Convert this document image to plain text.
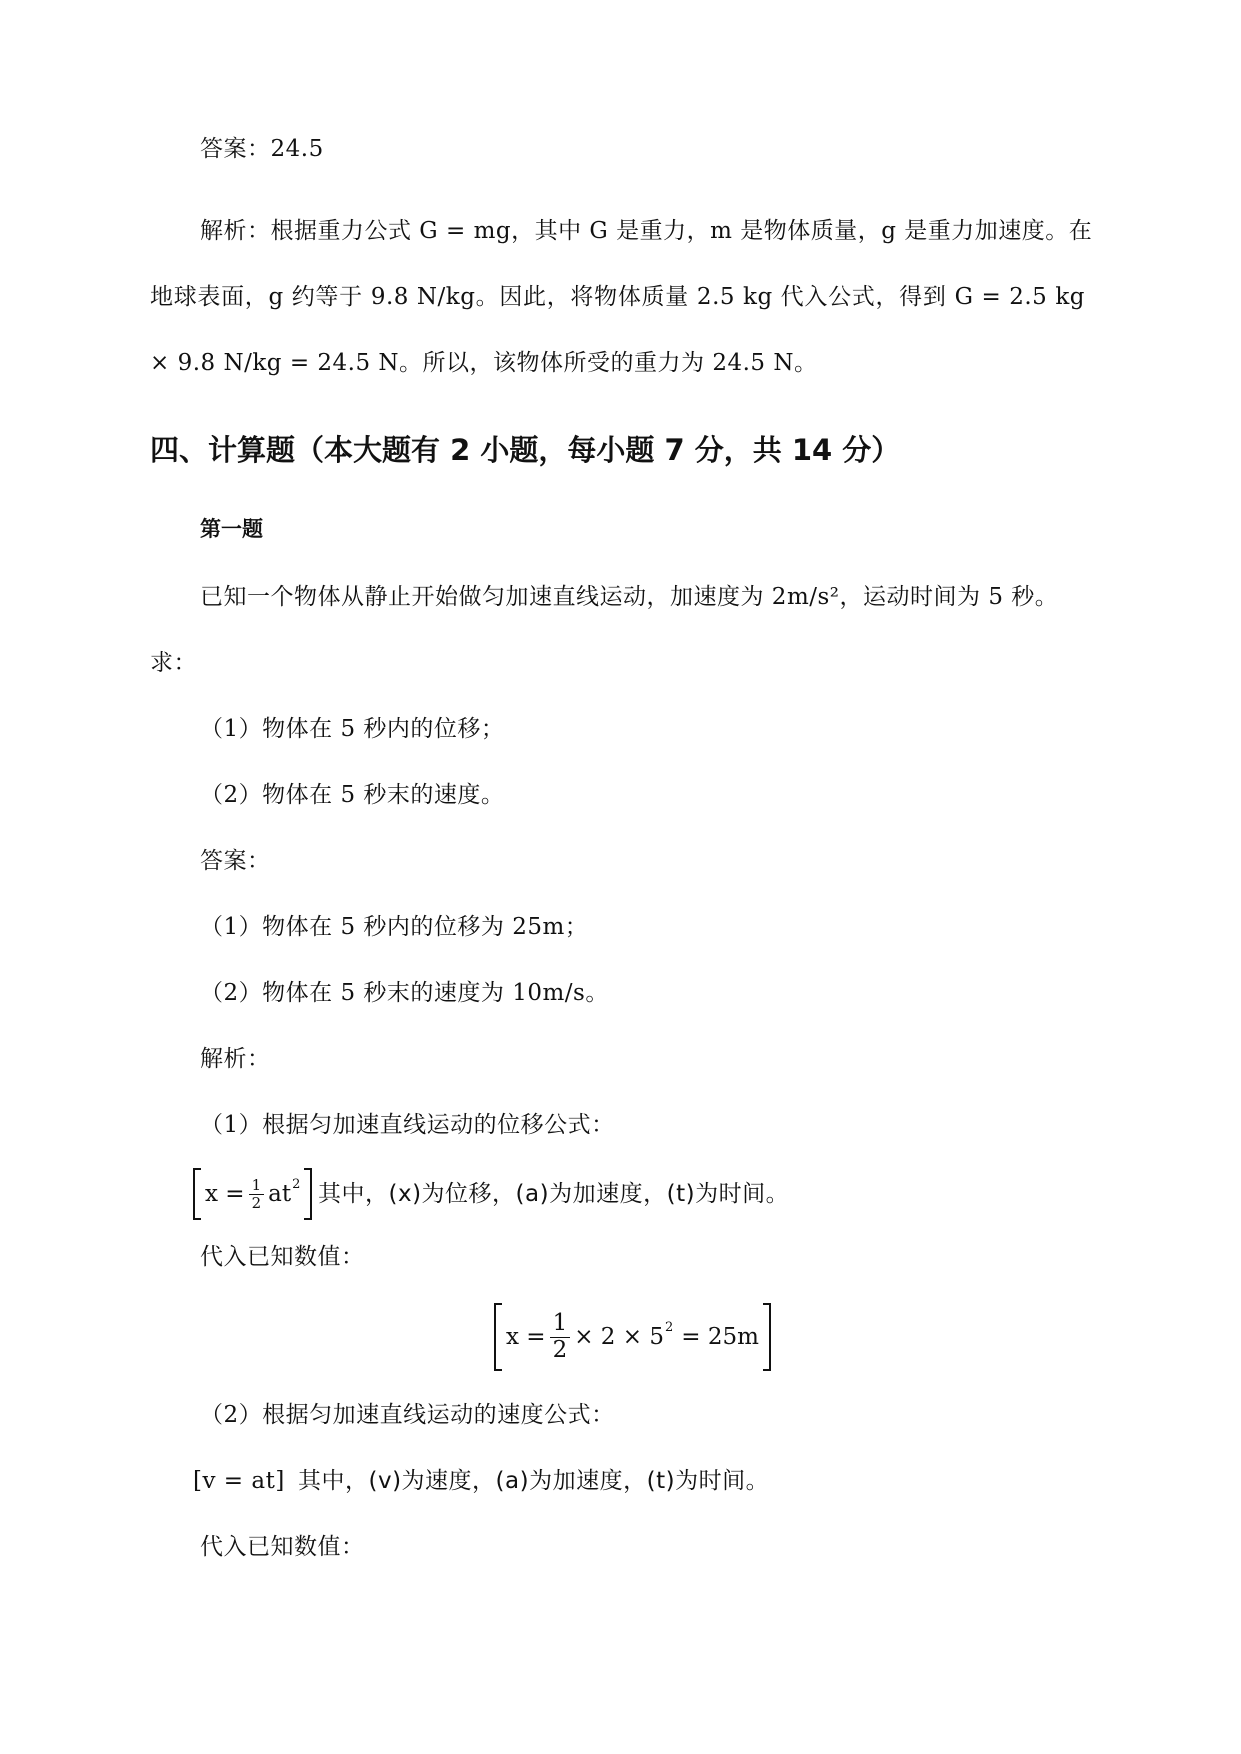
答案：24.5
解析：根据重力公式 G = mg，其中 G 是重力，m 是物体质量，g 是重力加速度。在
地球表面，g 约等于 9.8 N/kg。因此，将物体质量 2.5 kg 代入公式，得到 G = 2.5 kg
× 9.8 N/kg = 24.5 N。所以，该物体所受的重力为 24.5 N。
四、计算题（本大题有 2 小题，每小题 7 分，共 14 分）
第一题
已知一个物体从静止开始做匀加速直线运动，加速度为 2m/s²，运动时间为 5 秒。
求：
（1）物体在 5 秒内的位移；
（2）物体在 5 秒末的速度。
答案：
（1）物体在 5 秒内的位移为 25m；
（2）物体在 5 秒末的速度为 10m/s。
解析：
（1）根据匀加速直线运动的位移公式：
$x = \frac{1}{2}$ at 2 其中，(x)为位移，(a)为加速度，(t)为时间。
代入已知数值：
$x = \frac{1}{2} \times 2 \times 5$ 2 = 25m
（2）根据匀加速直线运动的速度公式：
[v = at] 其中，(v)为速度，(a)为加速度，(t)为时间。
代入已知数值：
